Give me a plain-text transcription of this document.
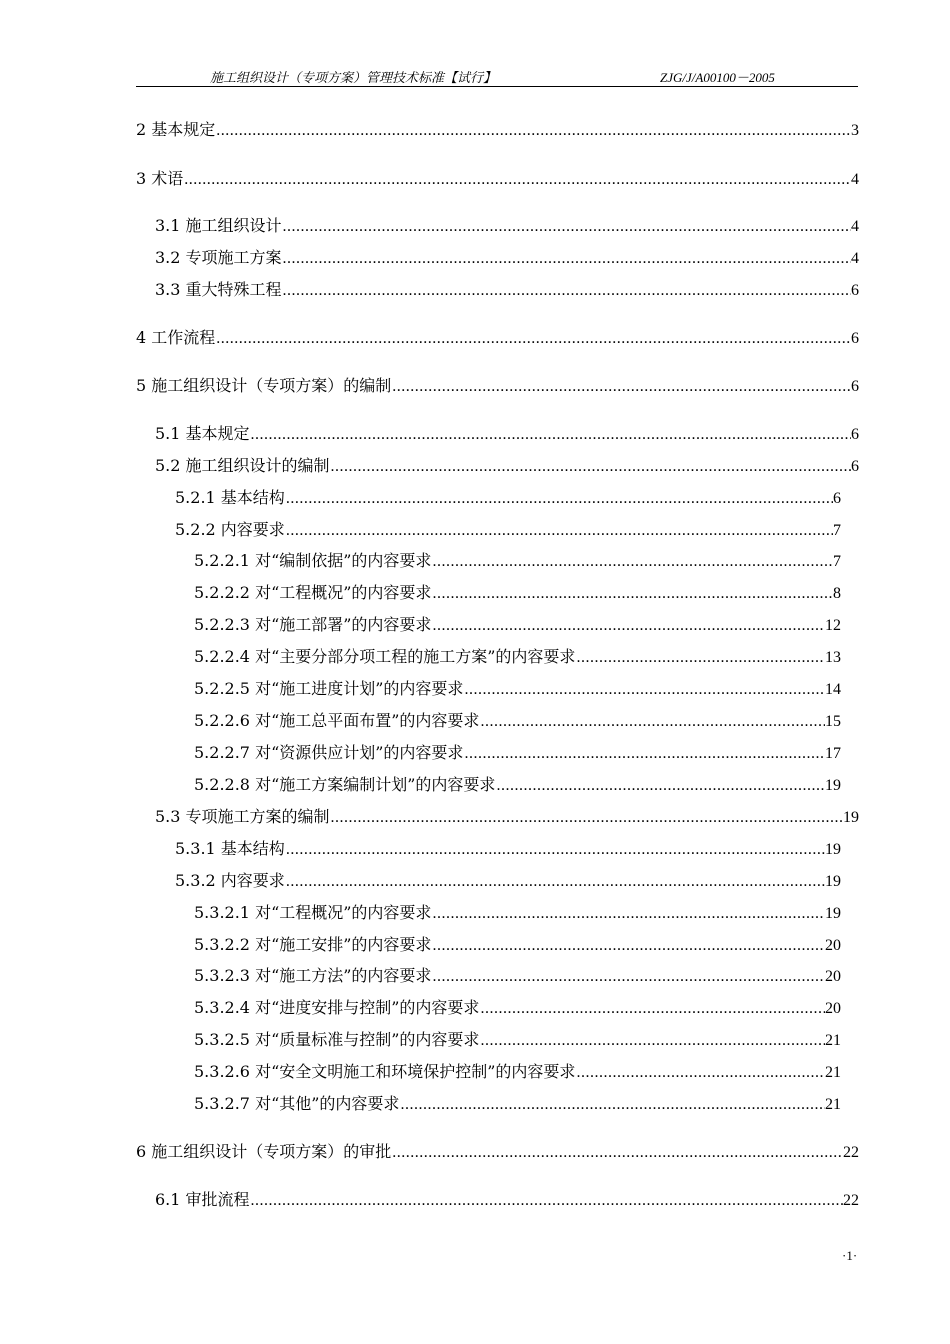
施工组织设计（专项方案）管理技术标准【试行】	ZJG/J/A00100－2005
2 基本规定 .....	3
3 术语 .....	4
3.1 施工组织设计 .....	4
3.2 专项施工方案 .....	4
3.3 重大特殊工程 .....	6
4 工作流程 .....	6
5 施工组织设计（专项方案）的编制 .....	6
5.1 基本规定 .....	6
5.2 施工组织设计的编制 .....	6
5.2.1 基本结构 .....	6
5.2.2 内容要求 .....	7
5.2.2.1 对“编制依据”的内容要求 .....	7
5.2.2.2 对“工程概况”的内容要求 .....	8
5.2.2.3 对“施工部署”的内容要求 .....	12
5.2.2.4 对“主要分部分项工程的施工方案”的内容要求 .....	13
5.2.2.5 对“施工进度计划”的内容要求 .....	14
5.2.2.6 对“施工总平面布置”的内容要求 .....	15
5.2.2.7 对“资源供应计划”的内容要求 .....	17
5.2.2.8 对“施工方案编制计划”的内容要求 .....	19
5.3 专项施工方案的编制 .....	19
5.3.1 基本结构 .....	19
5.3.2 内容要求 .....	19
5.3.2.1 对“工程概况”的内容要求 .....	19
5.3.2.2 对“施工安排”的内容要求 .....	20
5.3.2.3 对“施工方法”的内容要求 .....	20
5.3.2.4 对“进度安排与控制”的内容要求 .....	20
5.3.2.5 对“质量标准与控制”的内容要求 .....	21
5.3.2.6 对“安全文明施工和环境保护控制”的内容要求 .....	21
5.3.2.7 对“其他”的内容要求 .....	21
6 施工组织设计（专项方案）的审批 .....	22
6.1 审批流程 .....	22
·1·
